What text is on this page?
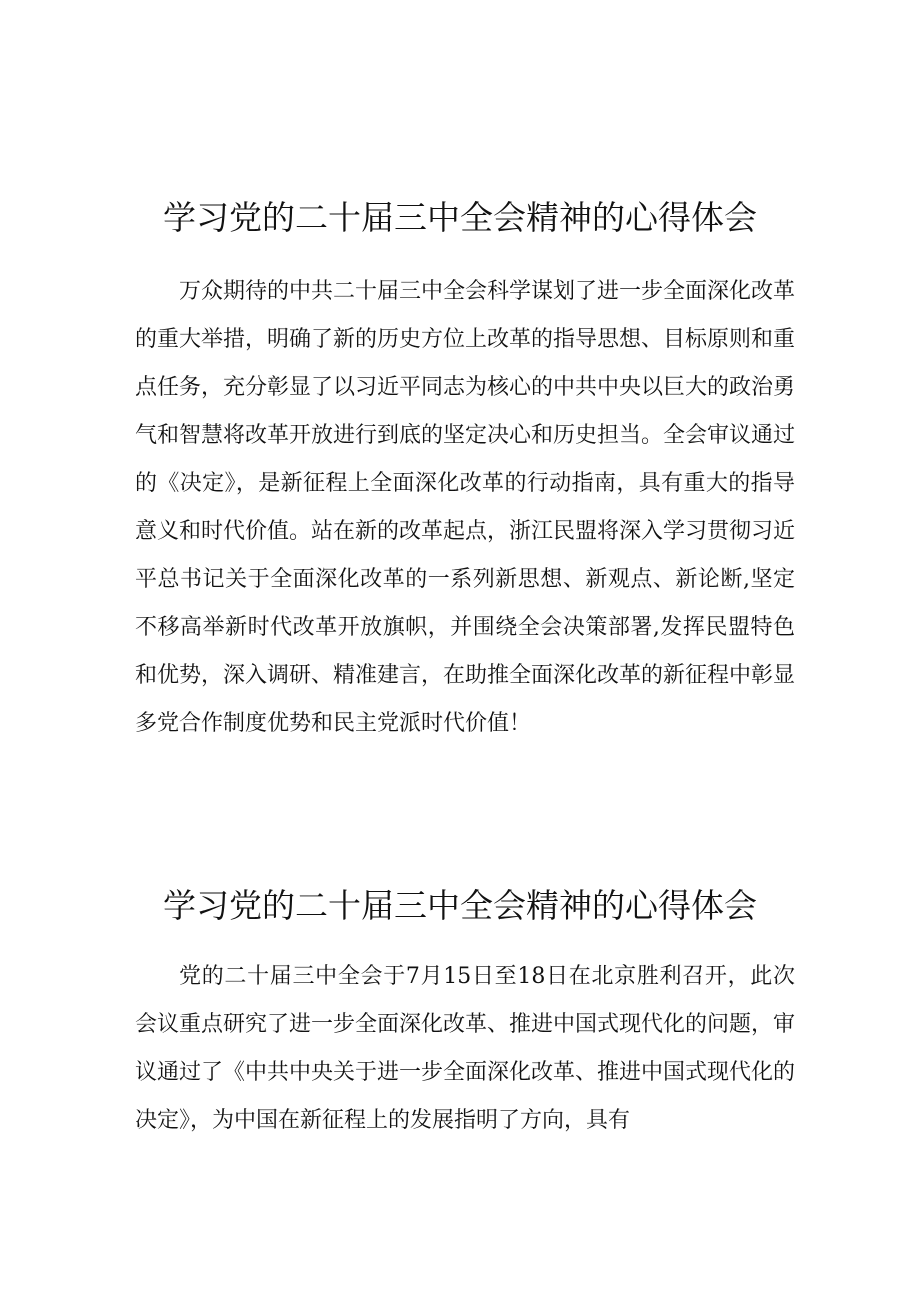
学习党的二十届三中全会精神的心得体会

万众期待的中共二十届三中全会科学谋划了进一步全面深化改革的重大举措，明确了新的历史方位上改革的指导思想、目标原则和重点任务，充分彰显了以习近平同志为核心的中共中央以巨大的政治勇气和智慧将改革开放进行到底的坚定决心和历史担当。全会审议通过的《决定》，是新征程上全面深化改革的行动指南，具有重大的指导意义和时代价值。站在新的改革起点，浙江民盟将深入学习贯彻习近平总书记关于全面深化改革的一系列新思想、新观点、新论断,坚定不移高举新时代改革开放旗帜，并围绕全会决策部署,发挥民盟特色和优势，深入调研、精准建言，在助推全面深化改革的新征程中彰显多党合作制度优势和民主党派时代价值！

学习党的二十届三中全会精神的心得体会

党的二十届三中全会于7月15日至18日在北京胜利召开，此次会议重点研究了进一步全面深化改革、推进中国式现代化的问题，审议通过了《中共中央关于进一步全面深化改革、推进中国式现代化的决定》，为中国在新征程上的发展指明了方向，具有
